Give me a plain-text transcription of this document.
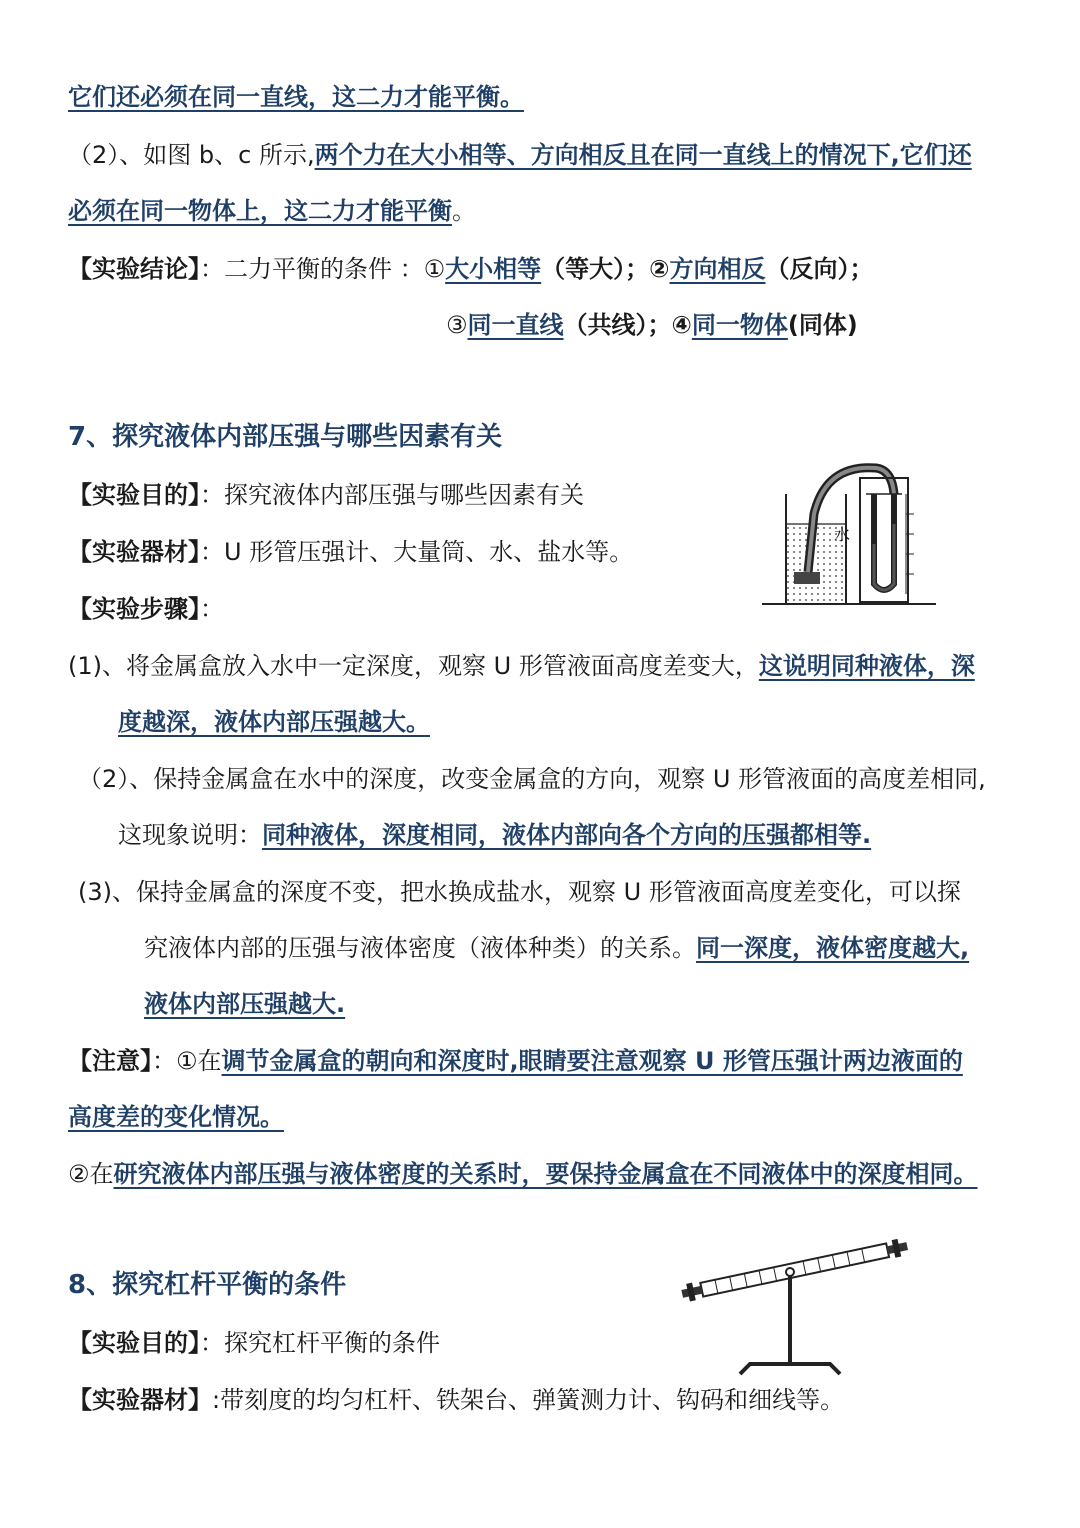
它们还必须在同一直线，这二力才能平衡。
（2）、如图 b、c 所示,两个力在大小相等、方向相反且在同一直线上的情况下,它们还
必须在同一物体上，这二力才能平衡。
【实验结论】：二力平衡的条件 ：①大小相等（等大）；②方向相反（反向）；
③同一直线（共线）；④同一物体(同体)
7、探究液体内部压强与哪些因素有关
【实验目的】：探究液体内部压强与哪些因素有关
【实验器材】：U 形管压强计、大量筒、水、盐水等。
【实验步骤】：
(1)、将金属盒放入水中一定深度，观察 U 形管液面高度差变大，这说明同种液体，深
度越深，液体内部压强越大。
（2）、保持金属盒在水中的深度，改变金属盒的方向，观察 U 形管液面的高度差相同,
这现象说明：同种液体，深度相同，液体内部向各个方向的压强都相等.
(3)、保持金属盒的深度不变，把水换成盐水，观察 U 形管液面高度差变化，可以探
究液体内部的压强与液体密度（液体种类）的关系。同一深度，液体密度越大,
液体内部压强越大.
【注意】：①在调节金属盒的朝向和深度时,眼睛要注意观察 U 形管压强计两边液面的
高度差的变化情况。
②在研究液体内部压强与液体密度的关系时，要保持金属盒在不同液体中的深度相同。
水
8、探究杠杆平衡的条件
【实验目的】：探究杠杆平衡的条件
【实验器材】:带刻度的均匀杠杆、铁架台、弹簧测力计、钩码和细线等。
